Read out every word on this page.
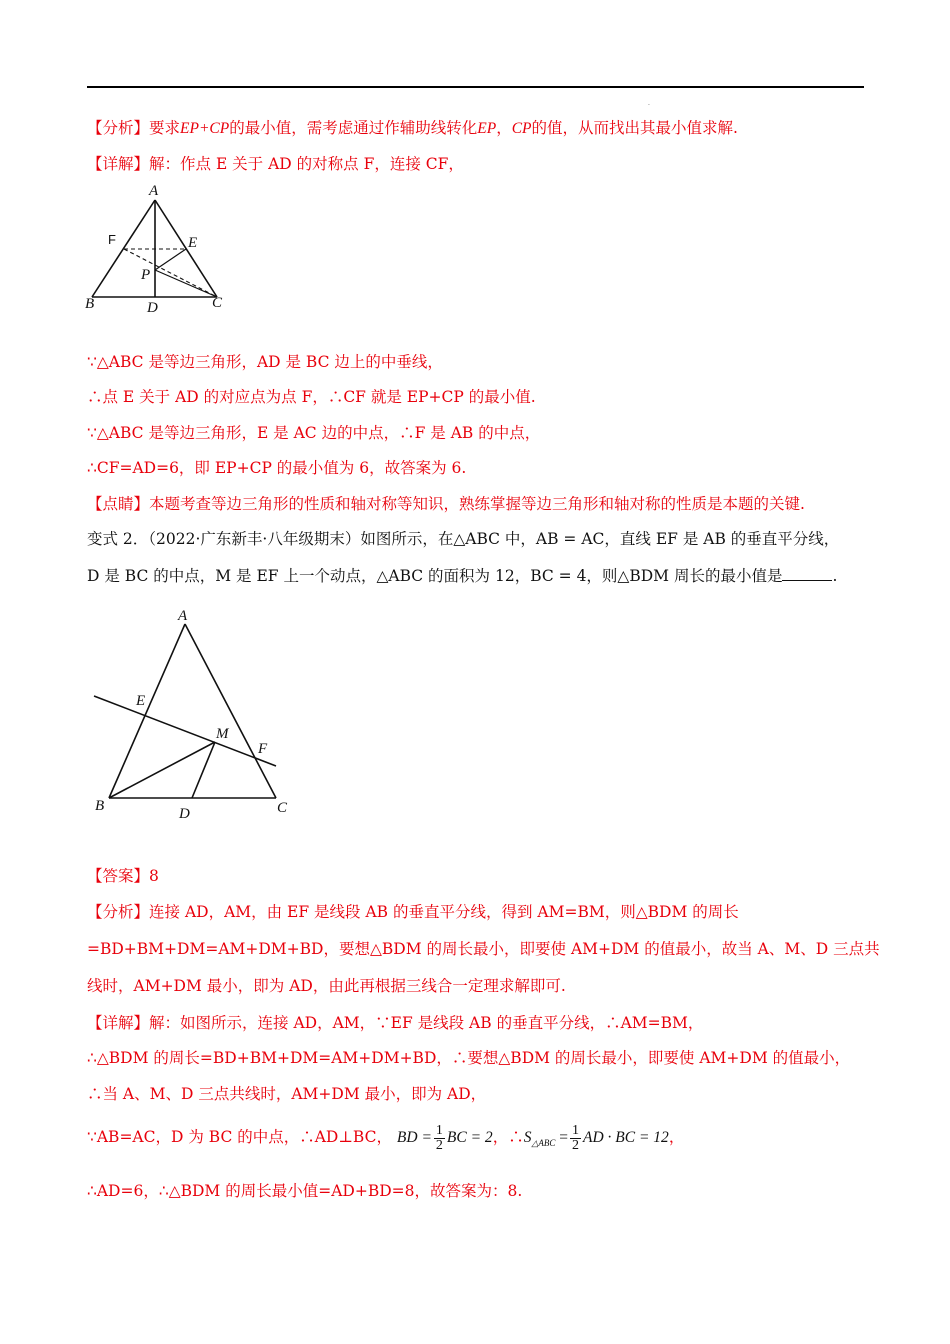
.
【分析】要求EP+CP的最小值，需考虑通过作辅助线转化EP，CP的值，从而找出其最小值求解.
【详解】解：作点 E 关于 AD 的对称点 F，连接 CF，
A
F	E
P
B	D	C
∵△ABC 是等边三角形，AD 是 BC 边上的中垂线，
∴点 E 关于 AD 的对应点为点 F，∴CF 就是 EP+CP 的最小值.
∵△ABC 是等边三角形，E 是 AC 边的中点，∴F 是 AB 的中点，
∴CF=AD=6，即 EP+CP 的最小值为 6，故答案为 6.
【点睛】本题考查等边三角形的性质和轴对称等知识，熟练掌握等边三角形和轴对称的性质是本题的关键.
变式 2．（2022·广东新丰·八年级期末）如图所示，在△ABC 中，AB = AC，直线 EF 是 AB 的垂直平分线，
D 是 BC 的中点，M 是 EF 上一个动点，△ABC 的面积为 12，BC = 4，则△BDM 周长的最小值是	.
A
E
M
F
B	D	C
【答案】8
【分析】连接 AD，AM，由 EF 是线段 AB 的垂直平分线，得到 AM=BM，则△BDM 的周长
=BD+BM+DM=AM+DM+BD，要想△BDM 的周长最小，即要使 AM+DM 的值最小，故当 A、M、D 三点共
线时，AM+DM 最小，即为 AD，由此再根据三线合一定理求解即可.
【详解】解：如图所示，连接 AD，AM，∵EF 是线段 AB 的垂直平分线，∴AM=BM，
∴△BDM 的周长=BD+BM+DM=AM+DM+BD，∴要想△BDM 的周长最小，即要使 AM+DM 的值最小，
∴当 A、M、D 三点共线时，AM+DM 最小，即为 AD，
∵AB=AC，D 为 BC 的中点，∴AD⊥BC， BD = $\frac{1}{2}$ BC = 2，$\therefore S_{\triangle ABC} = \frac{1}{2}$ AD · BC = 12，
∴AD=6，∴△BDM 的周长最小值=AD+BD=8，故答案为：8.
